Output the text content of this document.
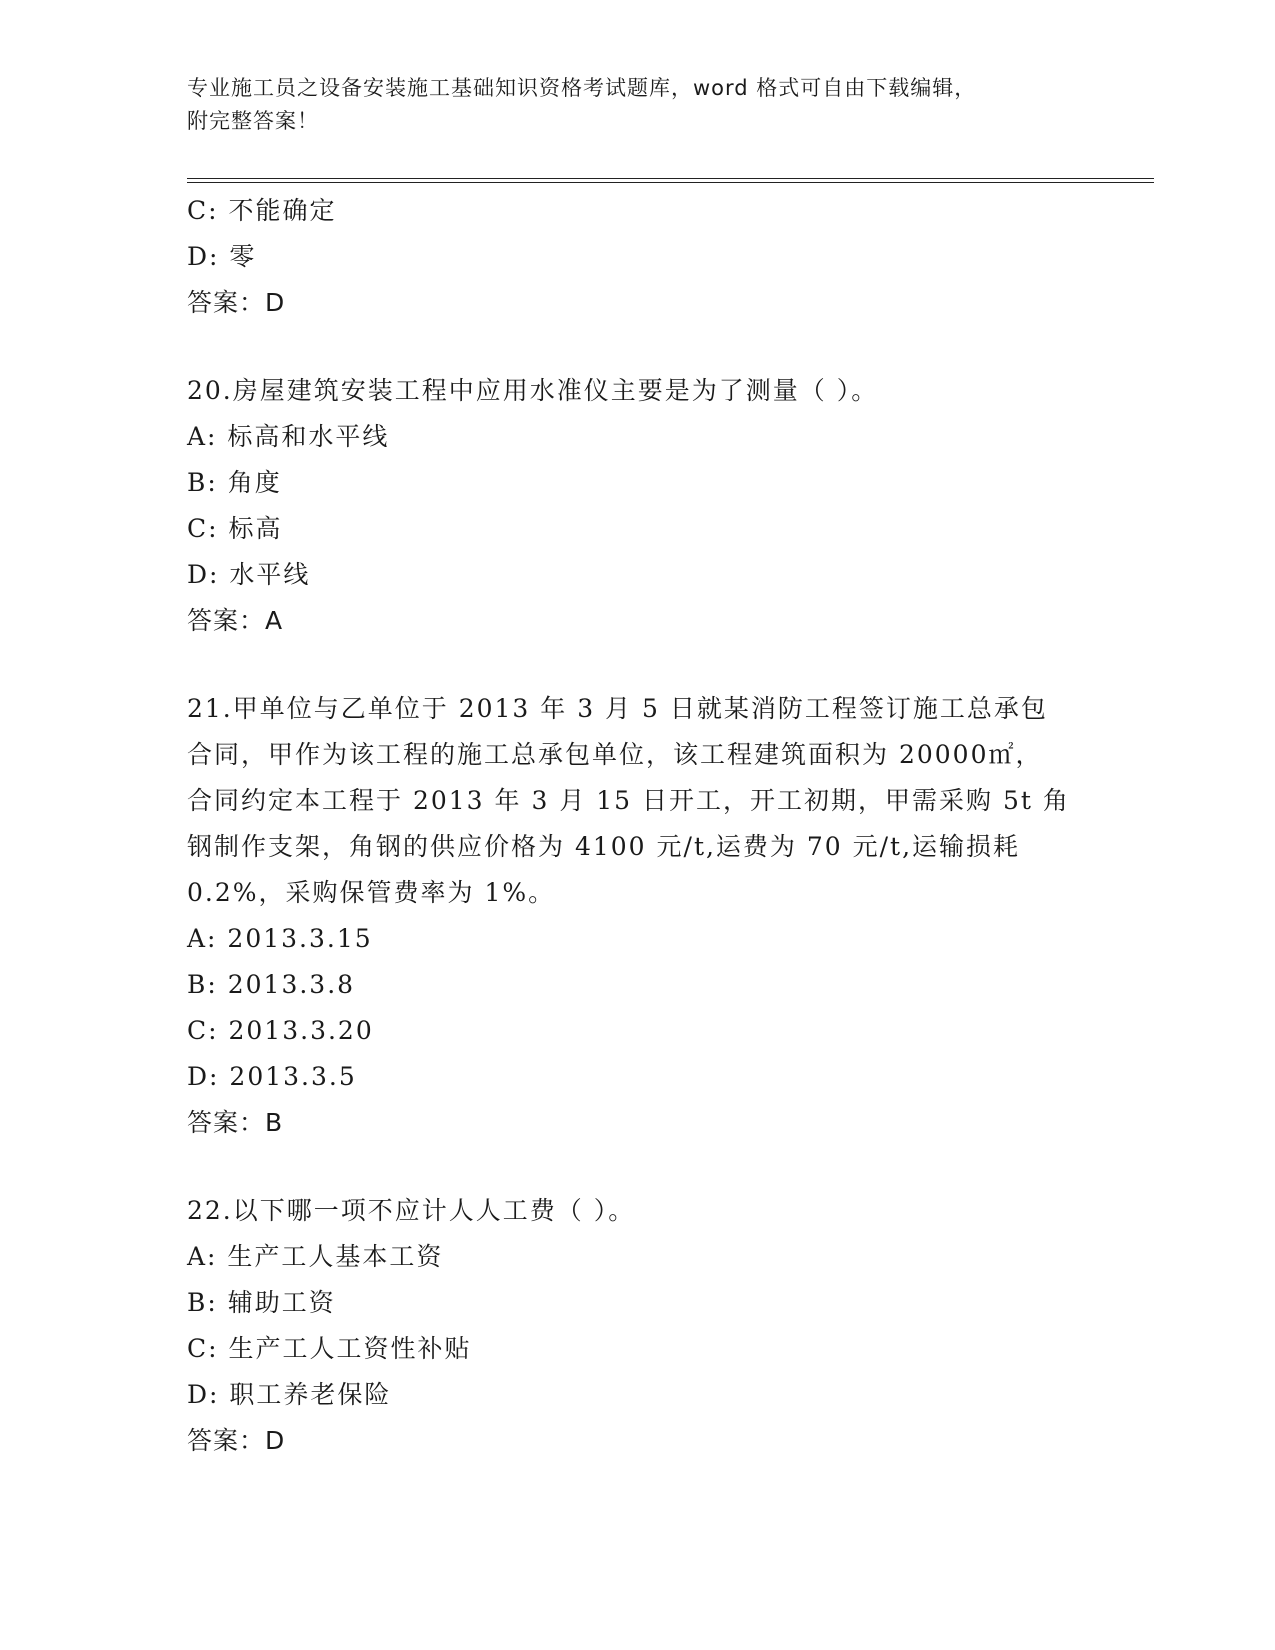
专业施工员之设备安装施工基础知识资格考试题库，word 格式可自由下载编辑，
附完整答案！
C: 不能确定
D: 零
答案：D
20.房屋建筑安装工程中应用水准仪主要是为了测量（ ）。
A: 标高和水平线
B: 角度
C: 标高
D: 水平线
答案：A
21.甲单位与乙单位于 2013 年 3 月 5 日就某消防工程签订施工总承包
合同，甲作为该工程的施工总承包单位，该工程建筑面积为 20000㎡，
合同约定本工程于 2013 年 3 月 15 日开工，开工初期，甲需采购 5t 角
钢制作支架，角钢的供应价格为 4100 元/t,运费为 70 元/t,运输损耗
0.2%，采购保管费率为 1%。
A: 2013.3.15
B: 2013.3.8
C: 2013.3.20
D: 2013.3.5
答案：B
22.以下哪一项不应计人人工费（ ）。
A: 生产工人基本工资
B: 辅助工资
C: 生产工人工资性补贴
D: 职工养老保险
答案：D
